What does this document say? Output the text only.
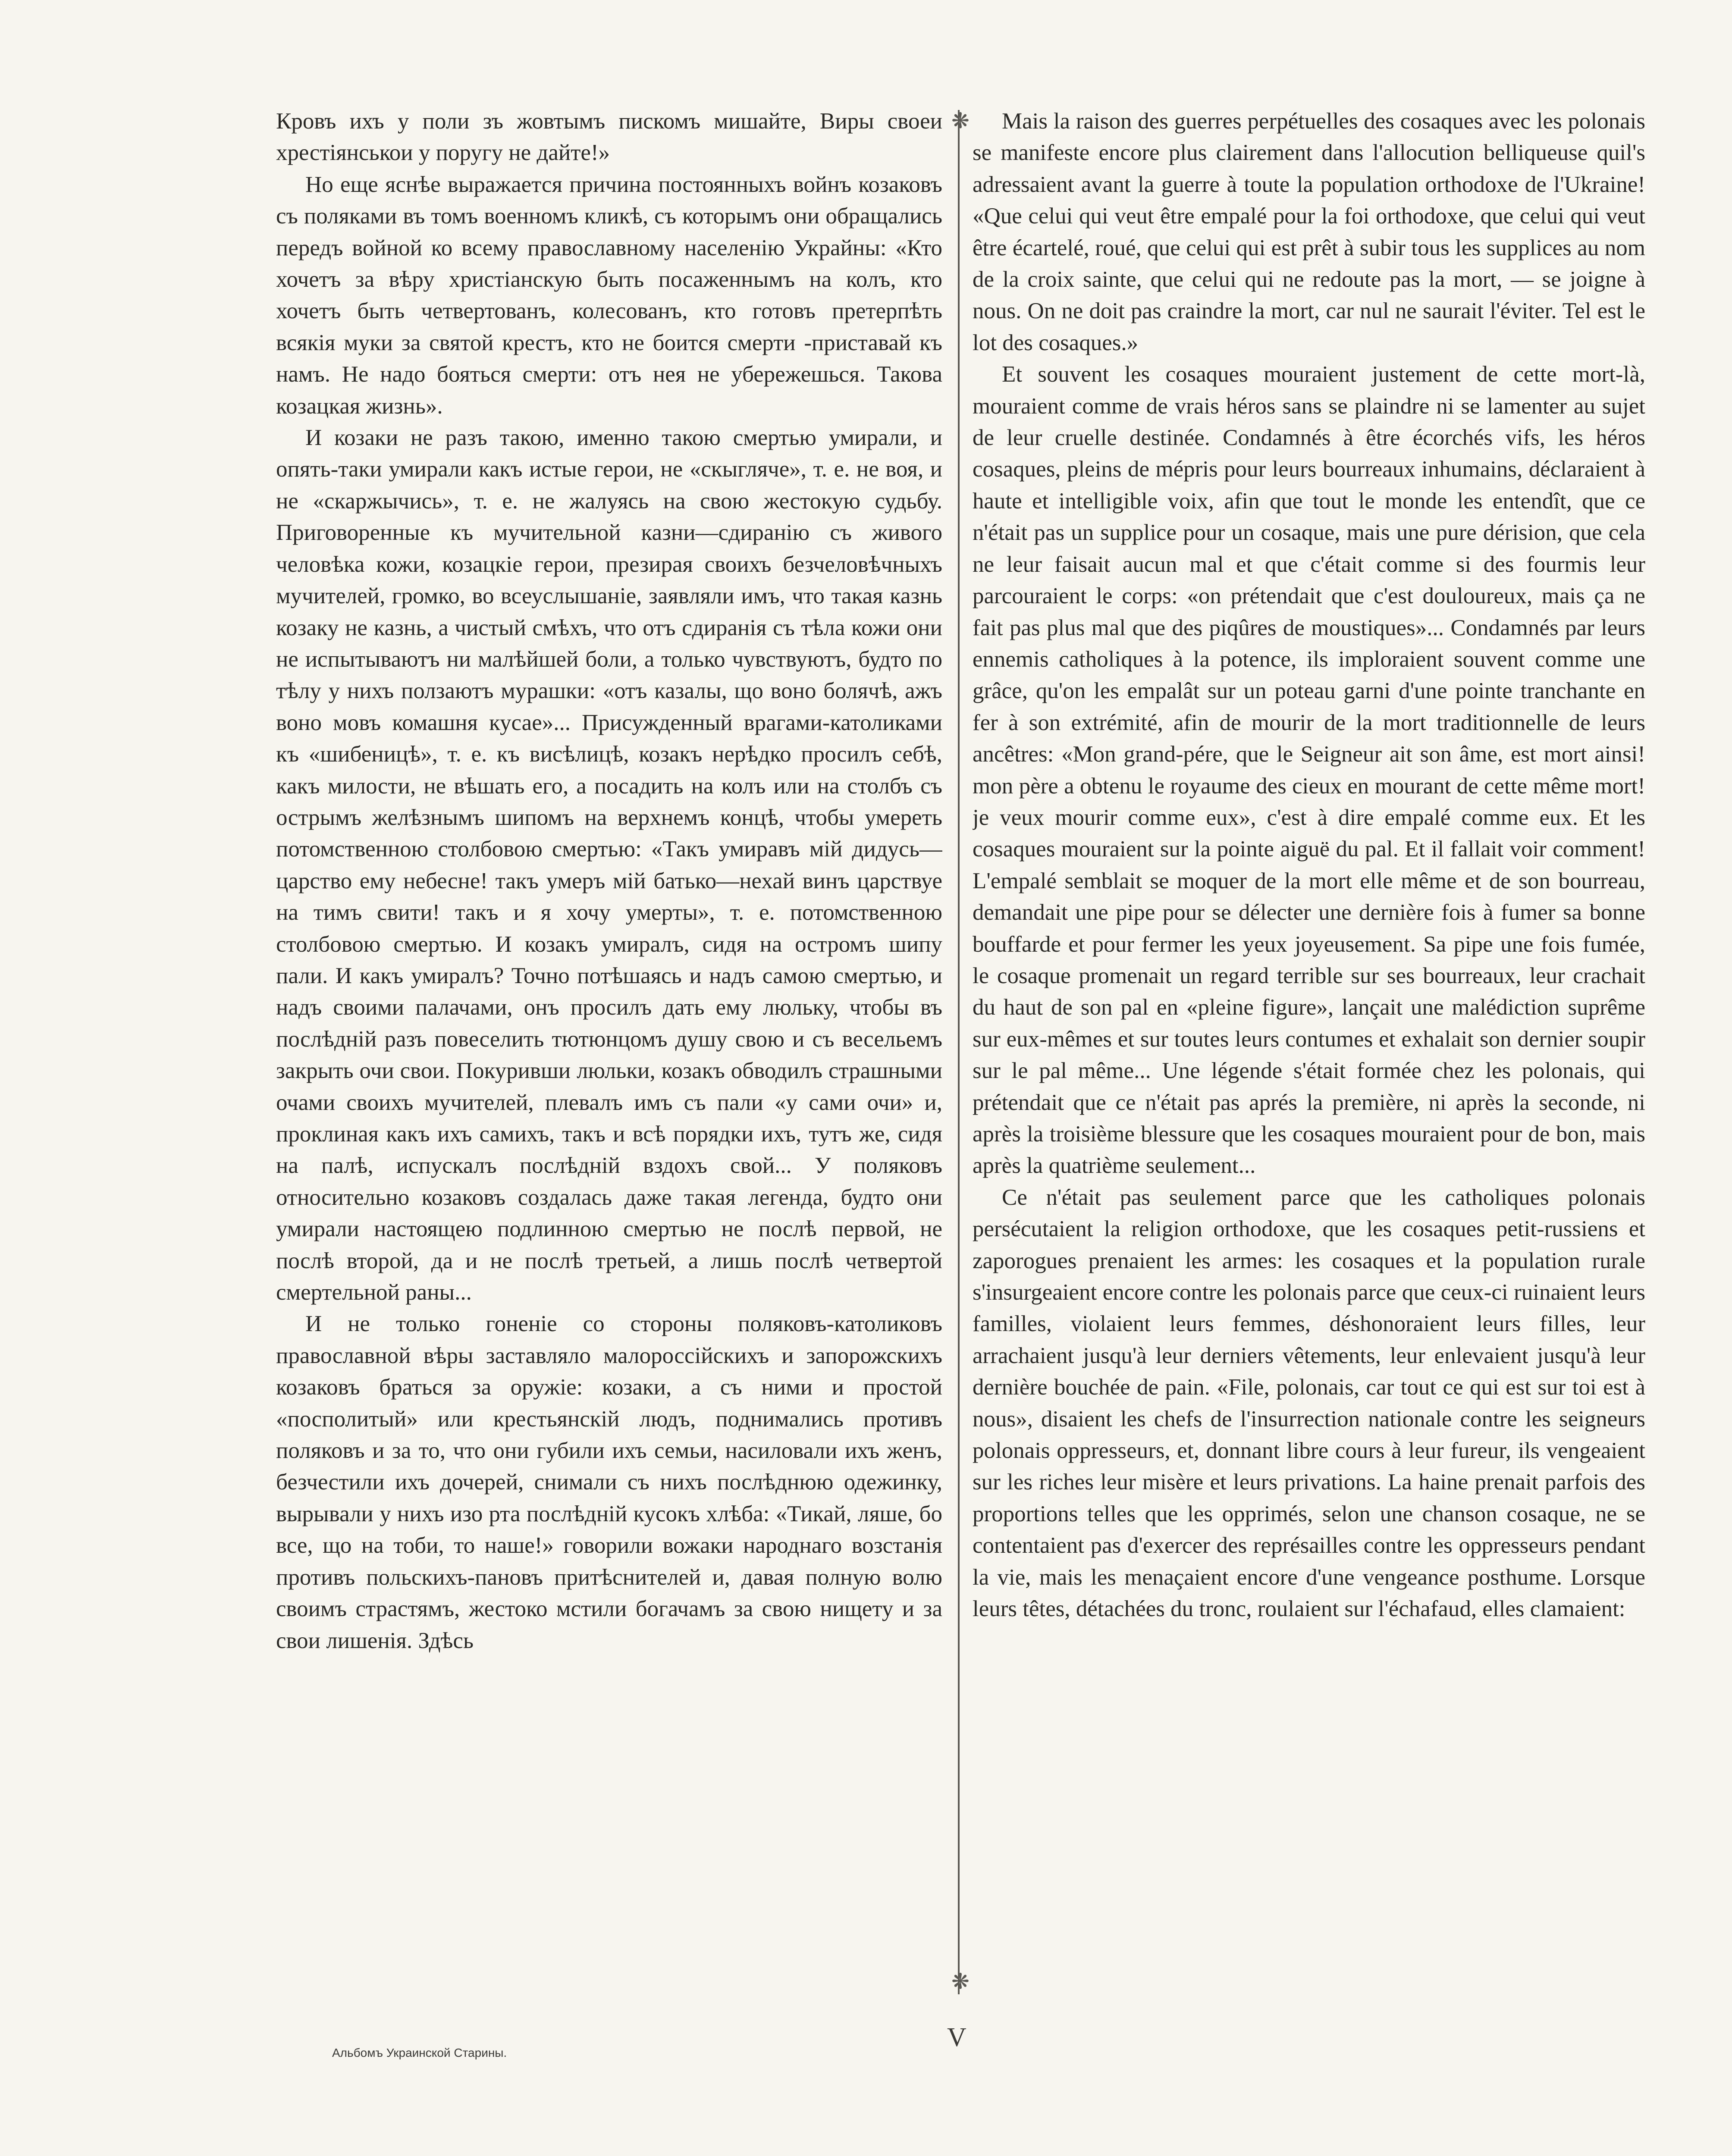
Кровъ ихъ у поли зъ жовтымъ пискомъ мишайте, Виры своеи хрестiянськои у поругу не дайте!»

Но еще яснѣе выражается причина постоянныхъ войнъ козаковъ съ поляками въ томъ военномъ кликѣ, съ которымъ они обращались передъ войной ко всему православному населенiю Украйны: «Кто хочетъ за вѣру христiанскую быть посаженнымъ на колъ, кто хочетъ быть четвертованъ, колесованъ, кто готовъ претерпѣть всякiя муки за святой крестъ, кто не боится смерти -приставай къ намъ. Не надо бояться смерти: отъ нея не убережешься. Такова козацкая жизнь».

И козаки не разъ такою, именно такою смертью умирали, и опять-таки умирали какъ истые герои, не «скыгляче», т. е. не воя, и не «скаржычись», т. е. не жалуясь на свою жестокую судьбу. Приговоренные къ мучительной казни—сдиранiю съ живого человѣка кожи, козацкiе герои, презирая своихъ безчеловѣчныхъ мучителей, громко, во всеуслышанiе, заявляли имъ, что такая казнь козаку не казнь, а чистый смѣхъ, что отъ сдиранiя съ тѣла кожи они не испытываютъ ни малѣйшей боли, а только чувствуютъ, будто по тѣлу у нихъ ползаютъ мурашки: «отъ казалы, що воно болячѣ, ажъ воно мовъ комашня кусае»... Присужденный врагами-католиками къ «шибеницѣ», т. е. къ висѣлицѣ, козакъ нерѣдко просилъ себѣ, какъ милости, не вѣшать его, а посадить на колъ или на столбъ съ острымъ желѣзнымъ шипомъ на верхнемъ концѣ, чтобы умереть потомственною столбовою смертью: «Такъ умиравъ мiй дидусь—царство ему небесне! такъ умеръ мiй батько—нехай винъ царствуе на тимъ свити! такъ и я хочу умерты», т. е. потомственною столбовою смертью. И козакъ умиралъ, сидя на остромъ шипу пали. И какъ умиралъ? Точно потѣшаясь и надъ самою смертью, и надъ своими палачами, онъ просилъ дать ему люльку, чтобы въ послѣднiй разъ повеселить тютюнцомъ душу свою и съ весельемъ закрыть очи свои. Покуривши люльки, козакъ обводилъ страшными очами своихъ мучителей, плевалъ имъ съ пали «у сами очи» и, проклиная какъ ихъ самихъ, такъ и всѣ порядки ихъ, тутъ же, сидя на палѣ, испускалъ послѣднiй вздохъ свой... У поляковъ относительно козаковъ создалась даже такая легенда, будто они умирали настоящею подлинною смертью не послѣ первой, не послѣ второй, да и не послѣ третьей, а лишь послѣ четвертой смертельной раны...

И не только гоненiе со стороны поляковъ-католиковъ православной вѣры заставляло малороссiйскихъ и запорожскихъ козаковъ браться за оружiе: козаки, а съ ними и простой «посполитый» или крестьянскiй людъ, поднимались противъ поляковъ и за то, что они губили ихъ семьи, насиловали ихъ женъ, безчестили ихъ дочерей, снимали съ нихъ послѣднюю одежинку, вырывали у нихъ изо рта послѣднiй кусокъ хлѣба: «Тикай, ляше, бо все, що на тоби, то наше!» говорили вожаки народнаго возстанiя противъ польскихъ-пановъ притѣснителей и, давая полную волю своимъ страстямъ, жестоко мстили богачамъ за свою нищету и за свои лишенiя. Здѣсь

❋
❋

Mais la raison des guerres perpétuelles des cosaques avec les polonais se manifeste encore plus clairement dans l'allocution belliqueuse quil's adressaient avant la guerre à toute la population orthodoxe de l'Ukraine! «Que celui qui veut être empalé pour la foi orthodoxe, que celui qui veut être écartelé, roué, que celui qui est prêt à subir tous les supplices au nom de la croix sainte, que celui qui ne redoute pas la mort, — se joigne à nous. On ne doit pas craindre la mort, car nul ne saurait l'éviter. Tel est le lot des cosaques.»

Et souvent les cosaques mouraient justement de cette mort-là, mouraient comme de vrais héros sans se plaindre ni se lamenter au sujet de leur cruelle destinée. Condamnés à être écorchés vifs, les héros cosaques, pleins de mépris pour leurs bourreaux inhumains, déclaraient à haute et intelligible voix, afin que tout le monde les entendît, que ce n'était pas un supplice pour un cosaque, mais une pure dérision, que cela ne leur faisait aucun mal et que c'était comme si des fourmis leur parcouraient le corps: «on prétendait que c'est douloureux, mais ça ne fait pas plus mal que des piqûres de moustiques»... Condamnés par leurs ennemis catholiques à la potence, ils imploraient souvent comme une grâce, qu'on les empalât sur un poteau garni d'une pointe tranchante en fer à son extrémité, afin de mourir de la mort traditionnelle de leurs ancêtres: «Mon grand-pére, que le Seigneur ait son âme, est mort ainsi! mon père a obtenu le royaume des cieux en mourant de cette même mort! je veux mourir comme eux», c'est à dire empalé comme eux. Et les cosaques mouraient sur la pointe aiguë du pal. Et il fallait voir comment! L'empalé semblait se moquer de la mort elle même et de son bourreau, demandait une pipe pour se délecter une dernière fois à fumer sa bonne bouffarde et pour fermer les yeux joyeusement. Sa pipe une fois fumée, le cosaque promenait un regard terrible sur ses bourreaux, leur crachait du haut de son pal en «pleine figure», lançait une malédiction suprême sur eux-mêmes et sur toutes leurs contumes et exhalait son dernier soupir sur le pal même... Une légende s'était formée chez les polonais, qui prétendait que ce n'était pas aprés la première, ni après la seconde, ni après la troisième blessure que les cosaques mouraient pour de bon, mais après la quatrième seulement...

Ce n'était pas seulement parce que les catholiques polonais persécutaient la religion orthodoxe, que les cosaques petit-russiens et zaporogues prenaient les armes: les cosaques et la population rurale s'insurgeaient encore contre les polonais parce que ceux-ci ruinaient leurs familles, violaient leurs femmes, déshonoraient leurs filles, leur arrachaient jusqu'à leur derniers vêtements, leur enlevaient jusqu'à leur dernière bouchée de pain. «File, polonais, car tout ce qui est sur toi est à nous», disaient les chefs de l'insurrection nationale contre les seigneurs polonais oppresseurs, et, donnant libre cours à leur fureur, ils vengeaient sur les riches leur misère et leurs privations. La haine prenait parfois des proportions telles que les opprimés, selon une chanson cosaque, ne se contentaient pas d'exercer des représailles contre les oppresseurs pendant la vie, mais les menaçaient encore d'une vengeance posthume. Lorsque leurs têtes, détachées du tronc, roulaient sur l'échafaud, elles clamaient:

Альбомъ Украинской Старины.
V
